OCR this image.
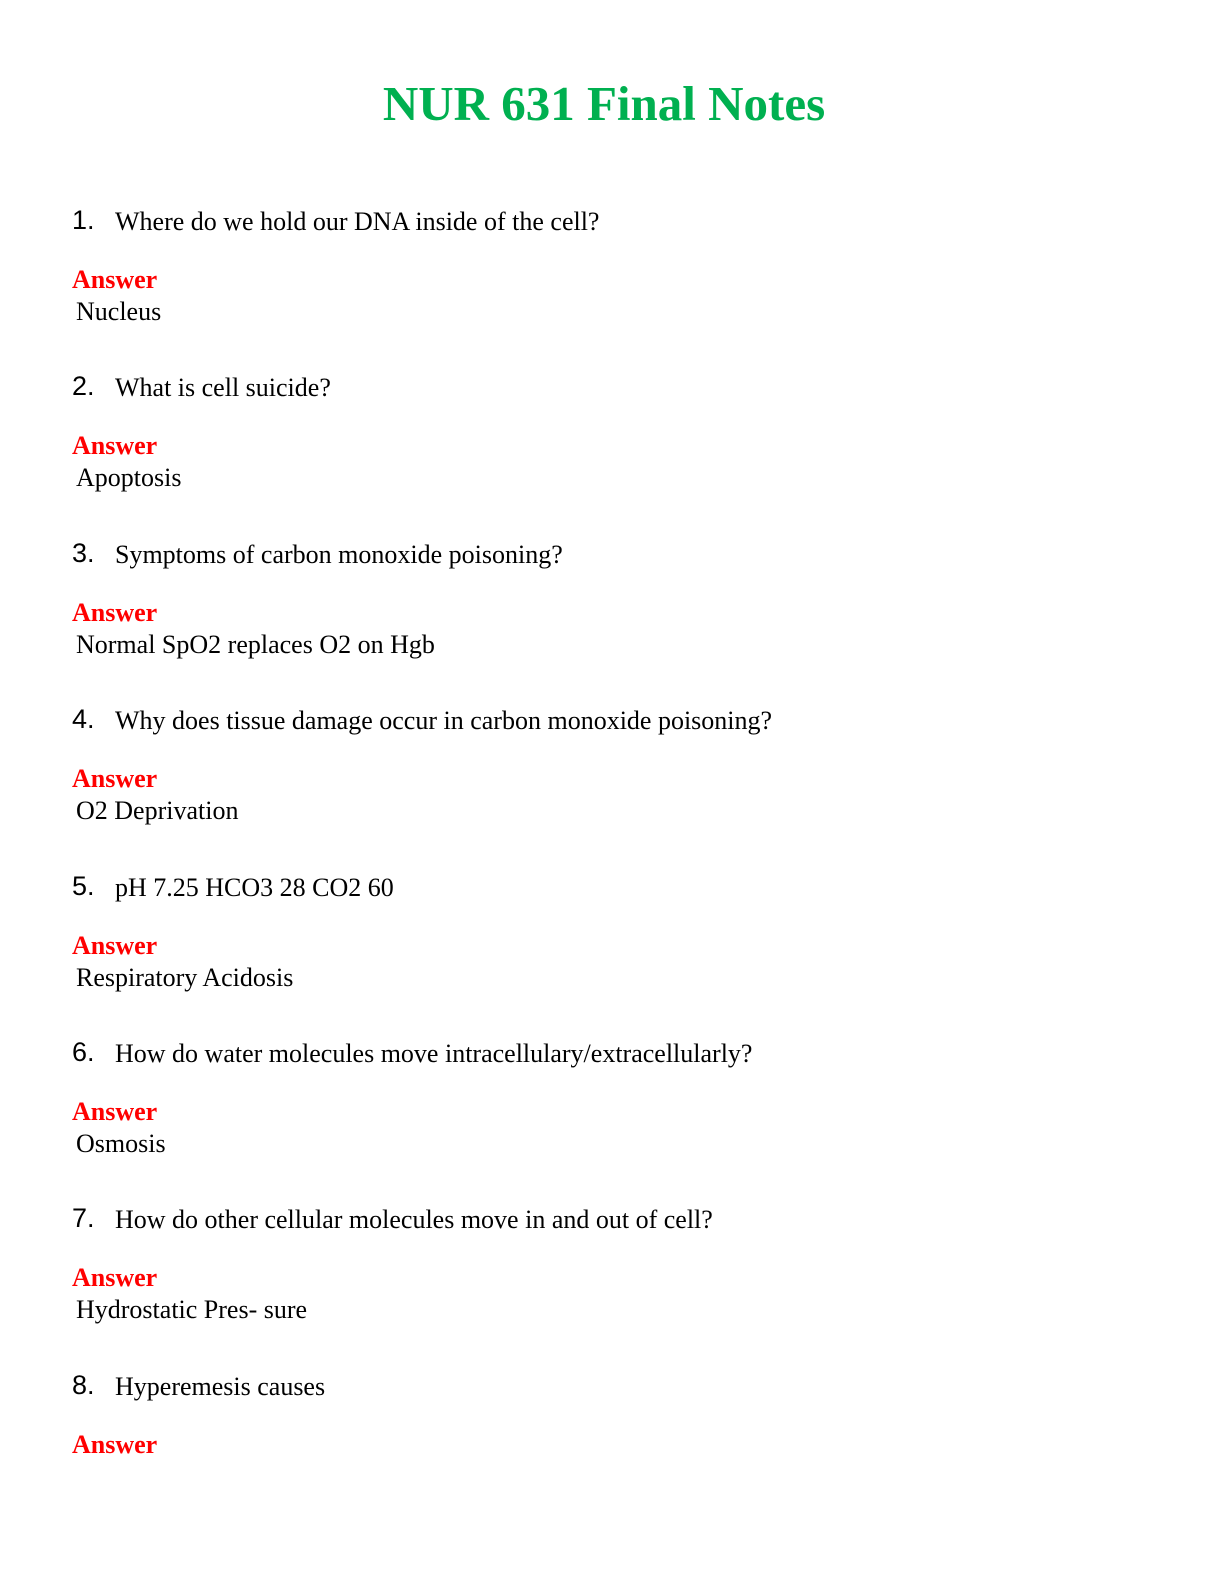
NUR 631 Final Notes
1. Where do we hold our DNA inside of the cell?
Answer
Nucleus
2. What is cell suicide?
Answer
Apoptosis
3. Symptoms of carbon monoxide poisoning?
Answer
Normal SpO2 replaces O2 on Hgb
4. Why does tissue damage occur in carbon monoxide poisoning?
Answer
O2 Deprivation
5. pH 7.25 HCO3 28 CO2 60
Answer
Respiratory Acidosis
6. How do water molecules move intracellulary/extracellularly?
Answer
Osmosis
7. How do other cellular molecules move in and out of cell?
Answer
Hydrostatic Pres- sure
8. Hyperemesis causes
Answer
